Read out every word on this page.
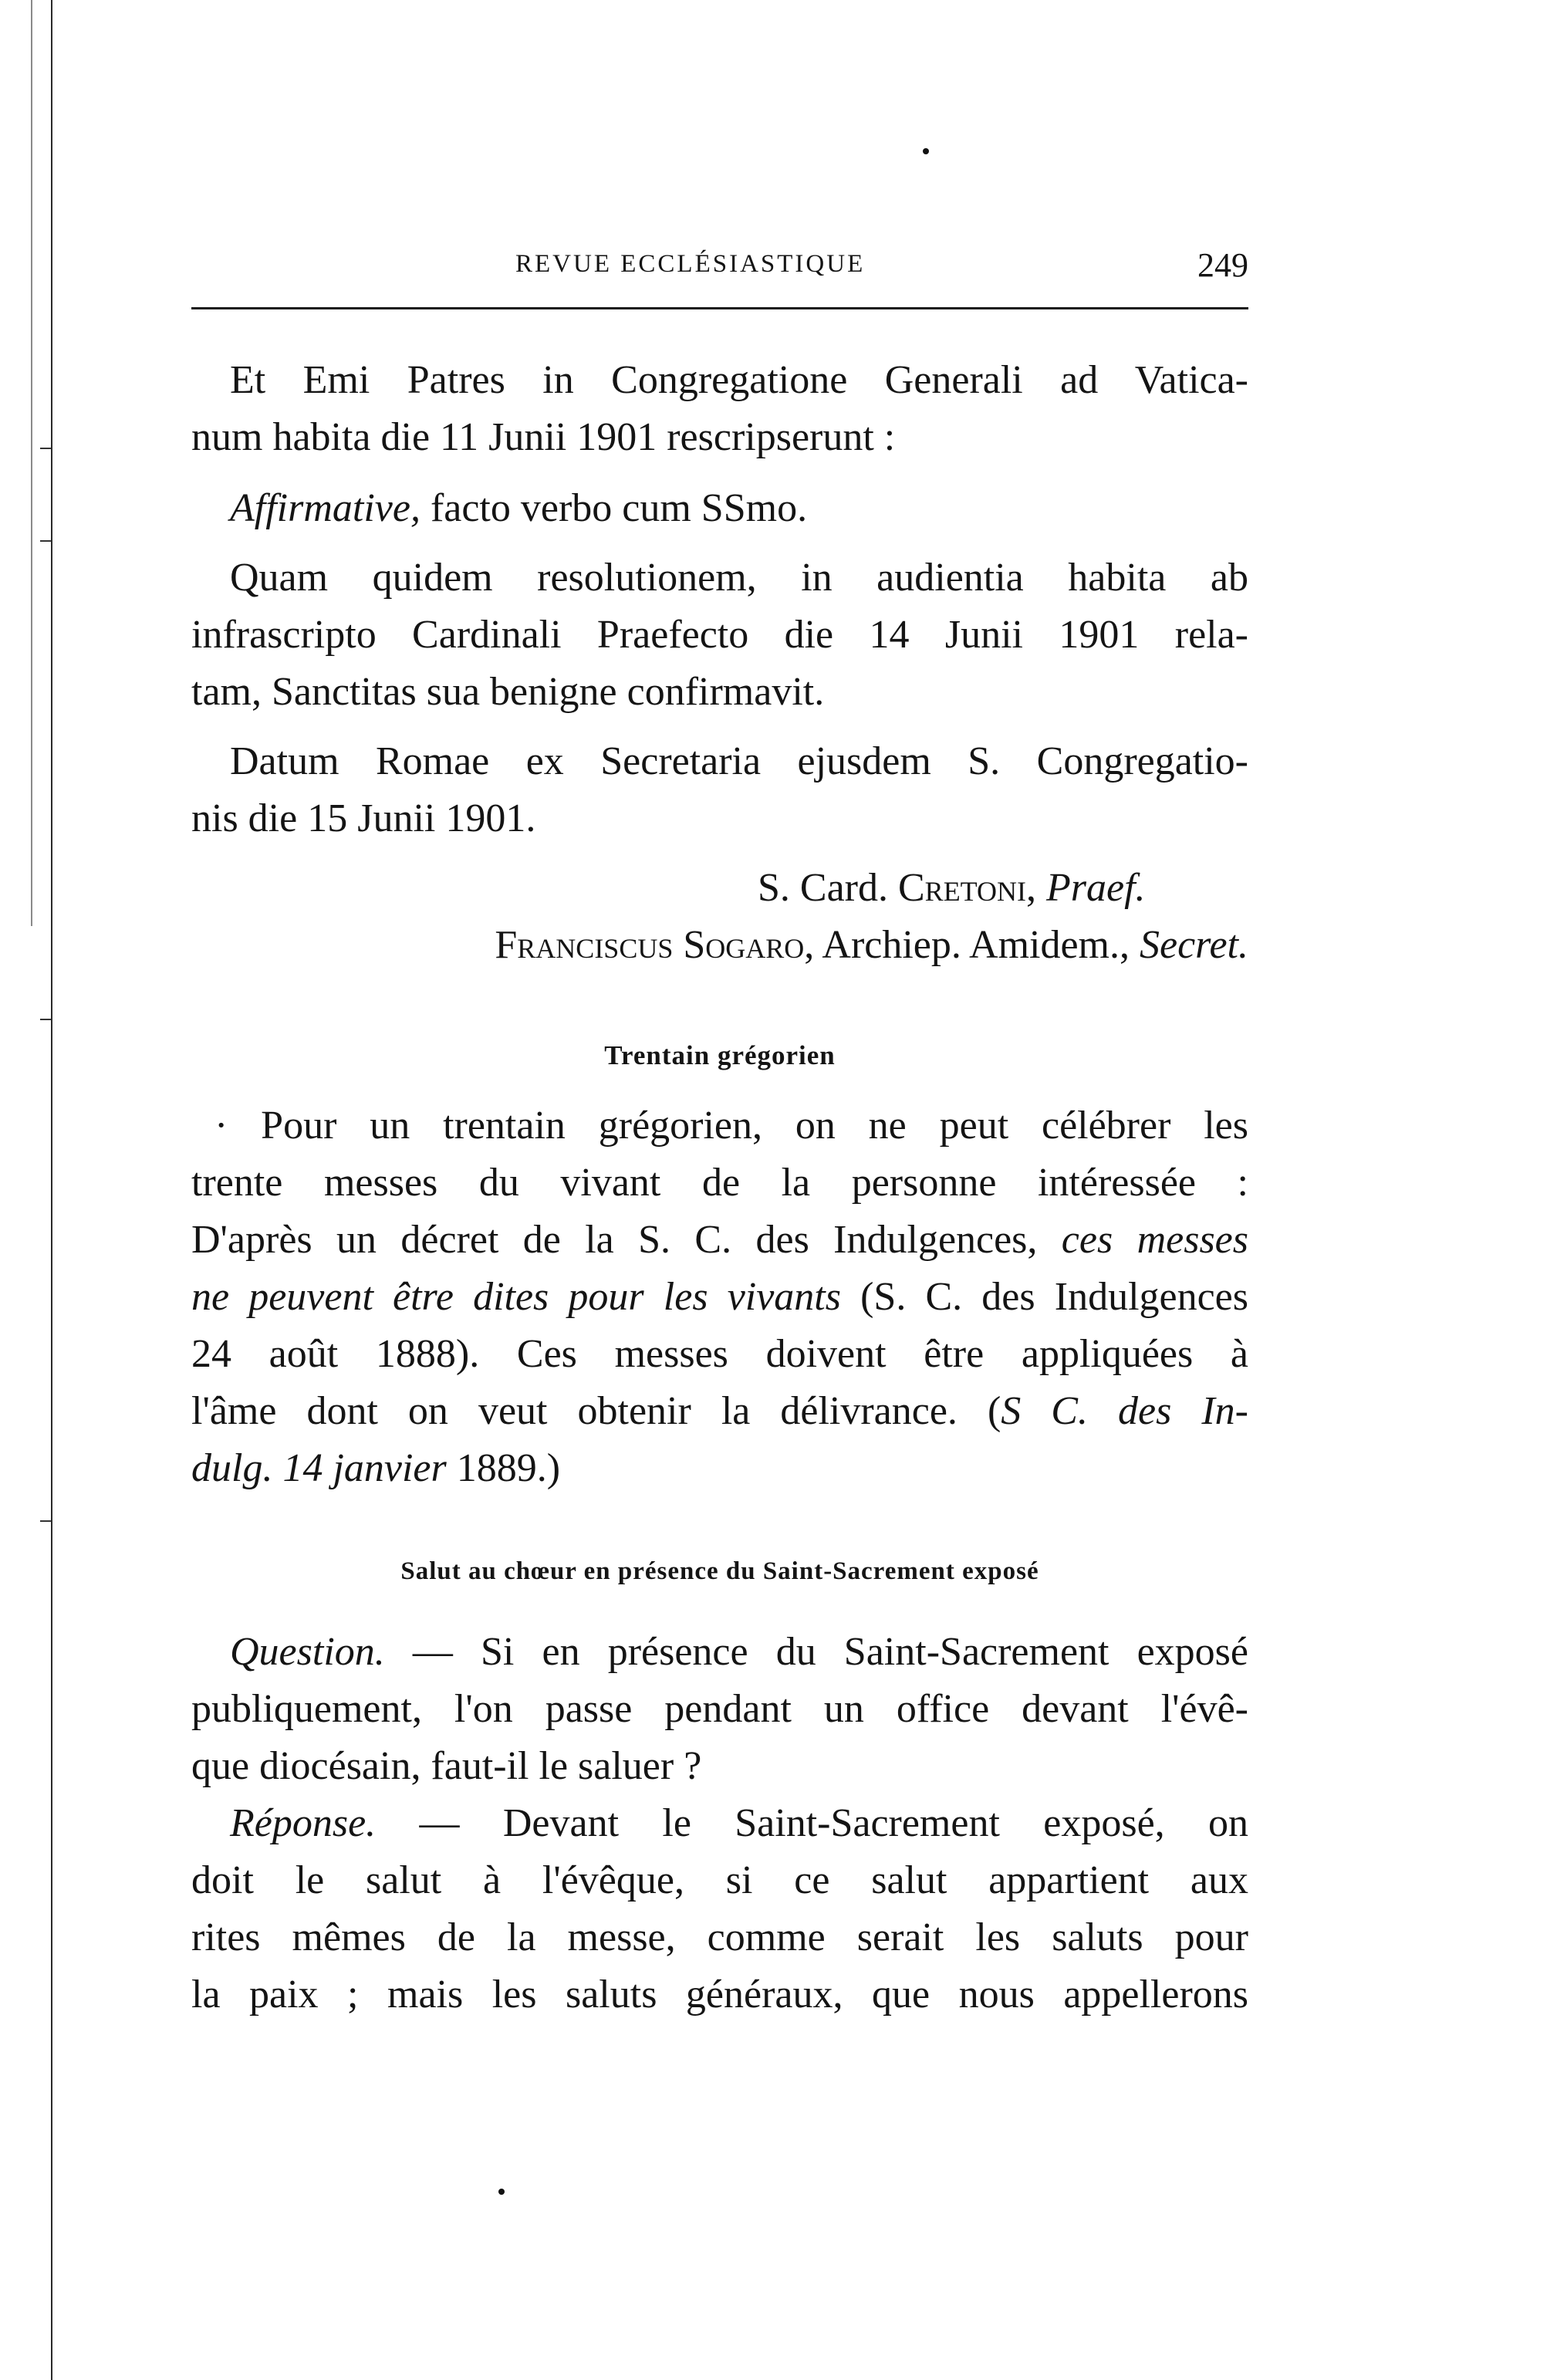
REVUE ECCLÉSIASTIQUE	249
Et Emi Patres in Congregatione Generali ad Vatica-
num habita die 11 Junii 1901 rescripserunt :
Affirmative, facto verbo cum SSmo.
Quam quidem resolutionem, in audientia habita ab
infrascripto Cardinali Praefecto die 14 Junii 1901 rela-
tam, Sanctitas sua benigne confirmavit.
Datum Romae ex Secretaria ejusdem S. Congregatio-
nis die 15 Junii 1901.
S. Card. Cretoni, Praef.
Franciscus Sogaro, Archiep. Amidem., Secret.
Trentain grégorien
· Pour un trentain grégorien, on ne peut célébrer les
trente messes du vivant de la personne intéressée :
D'après un décret de la S. C. des Indulgences, ces messes
ne peuvent être dites pour les vivants (S. C. des Indulgences
24 août 1888). Ces messes doivent être appliquées à
l'âme dont on veut obtenir la délivrance. (S C. des In-
dulg. 14 janvier 1889.)
Salut au chœur en présence du Saint-Sacrement exposé
Question. — Si en présence du Saint-Sacrement exposé
publiquement, l'on passe pendant un office devant l'évê-
que diocésain, faut-il le saluer ?
Réponse. — Devant le Saint-Sacrement exposé, on
doit le salut à l'évêque, si ce salut appartient aux
rites mêmes de la messe, comme serait les saluts pour
la paix ; mais les saluts généraux, que nous appellerons
